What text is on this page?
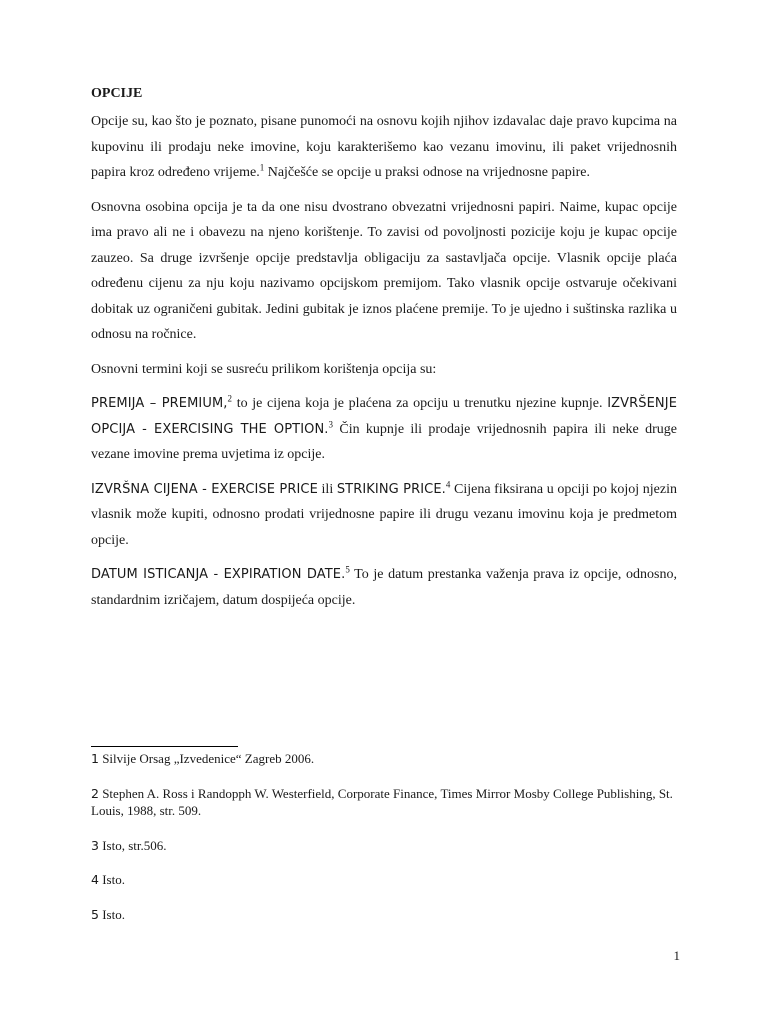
OPCIJE

Opcije su, kao što je poznato, pisane punomoći na osnovu kojih njihov izdavalac daje pravo kupcima na kupovinu ili prodaju neke imovine, koju karakterišemo kao vezanu imovinu, ili paket vrijednosnih papira kroz određeno vrijeme.$^1$ Najčešće se opcije u praksi odnose na vrijednosne papire.

Osnovna osobina opcija je ta da one nisu dvostrano obvezatni vrijednosni papiri. Naime, kupac opcije ima pravo ali ne i obavezu na njeno korištenje. To zavisi od povoljnosti pozicije koju je kupac opcije zauzeo. Sa druge izvršenje opcije predstavlja obligaciju za sastavljača opcije. Vlasnik opcije plaća određenu cijenu za nju koju nazivamo opcijskom premijom. Tako vlasnik opcije ostvaruje očekivani dobitak uz ograničeni gubitak. Jedini gubitak je iznos plaćene premije. To je ujedno i suštinska razlika u odnosu na ročnice.

Osnovni termini koji se susreću prilikom korištenja opcija su:

PREMIJA – PREMIUM,$^2$ to je cijena koja je plaćena za opciju u trenutku njezine kupnje. IZVRŠENJE OPCIJA - EXERCISING THE OPTION.$^3$ Čin kupnje ili prodaje vrijednosnih papira ili neke druge vezane imovine prema uvjetima iz opcije.

IZVRŠNA CIJENA - EXERCISE PRICE ili STRIKING PRICE.$^4$ Cijena fiksirana u opciji po kojoj njezin vlasnik može kupiti, odnosno prodati vrijednosne papire ili drugu vezanu imovinu koja je predmetom opcije.

DATUM ISTICANJA - EXPIRATION DATE.$^5$ To je datum prestanka važenja prava iz opcije, odnosno, standardnim izričajem, datum dospijeća opcije.

1 Silvije Orsag „Izvedenice“ Zagreb 2006.
2 Stephen A. Ross i Randopph W. Westerfield, Corporate Finance, Times Mirror Mosby College Publishing, St. Louis, 1988, str. 509.
3 Isto, str.506.
4 Isto.
5 Isto.
1
